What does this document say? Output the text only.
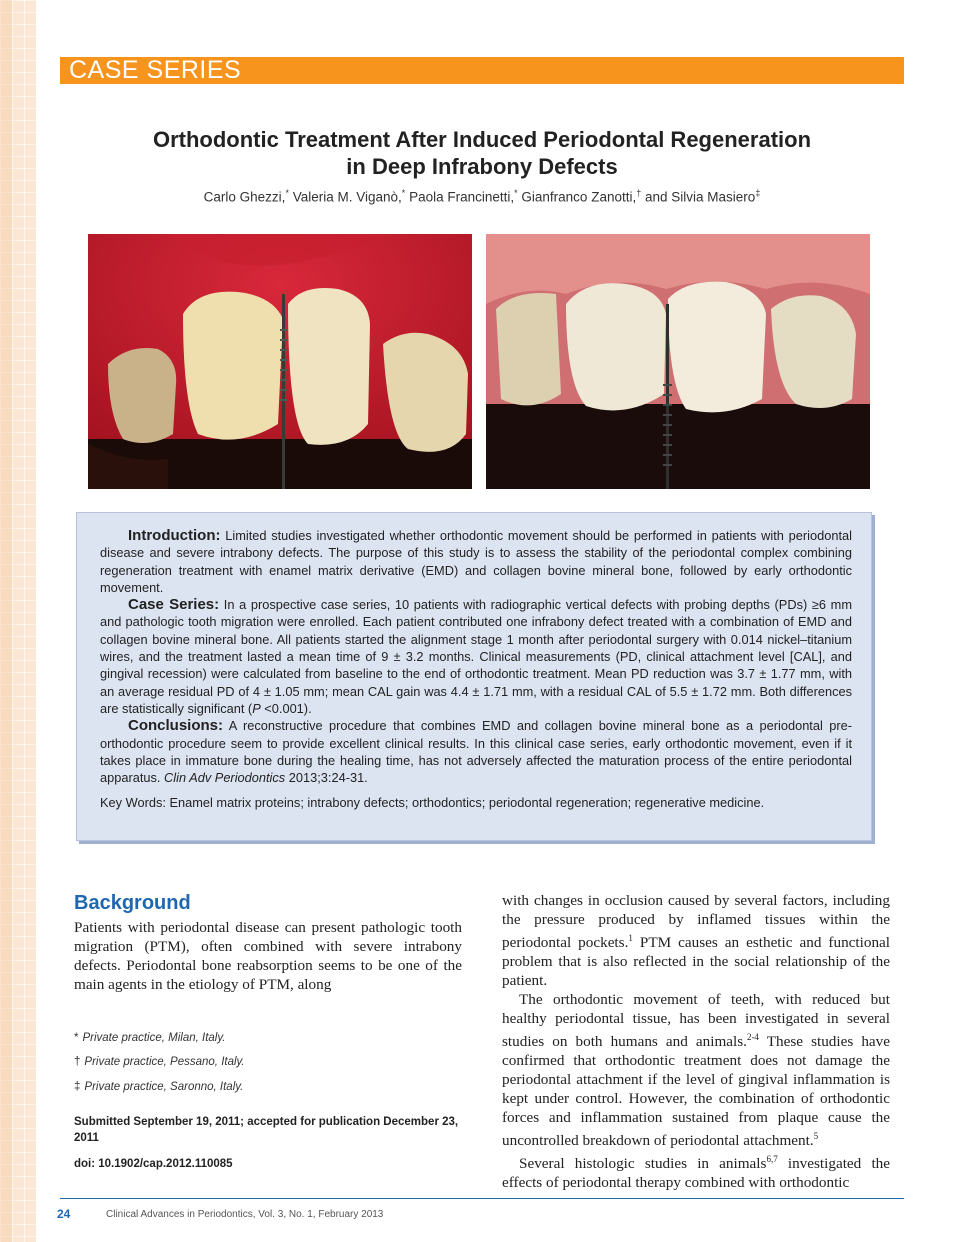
CASE SERIES
Orthodontic Treatment After Induced Periodontal Regeneration
in Deep Infrabony Defects
Carlo Ghezzi,* Valeria M. Viganò,* Paola Francinetti,* Gianfranco Zanotti,† and Silvia Masiero‡

Introduction: Limited studies investigated whether orthodontic movement should be performed in patients with periodontal disease and severe intrabony defects. The purpose of this study is to assess the stability of the periodontal complex combining regeneration treatment with enamel matrix derivative (EMD) and collagen bovine mineral bone, followed by early orthodontic movement.

Case Series: In a prospective case series, 10 patients with radiographic vertical defects with probing depths (PDs) ≥6 mm and pathologic tooth migration were enrolled. Each patient contributed one infrabony defect treated with a combination of EMD and collagen bovine mineral bone. All patients started the alignment stage 1 month after periodontal surgery with 0.014 nickel–titanium wires, and the treatment lasted a mean time of 9 ± 3.2 months. Clinical measurements (PD, clinical attachment level [CAL], and gingival recession) were calculated from baseline to the end of orthodontic treatment. Mean PD reduction was 3.7 ± 1.77 mm, with an average residual PD of 4 ± 1.05 mm; mean CAL gain was 4.4 ± 1.71 mm, with a residual CAL of 5.5 ± 1.72 mm. Both differences are statistically significant (P <0.001).

Conclusions: A reconstructive procedure that combines EMD and collagen bovine mineral bone as a periodontal pre-orthodontic procedure seem to provide excellent clinical results. In this clinical case series, early orthodontic movement, even if it takes place in immature bone during the healing time, has not adversely affected the maturation process of the entire periodontal apparatus. Clin Adv Periodontics 2013;3:24-31.

Key Words: Enamel matrix proteins; intrabony defects; orthodontics; periodontal regeneration; regenerative medicine.

Background
Patients with periodontal disease can present pathologic tooth migration (PTM), often combined with severe intrabony defects. Periodontal bone reabsorption seems to be one of the main agents in the etiology of PTM, along

with changes in occlusion caused by several factors, including the pressure produced by inflamed tissues within the periodontal pockets.$^1$ PTM causes an esthetic and functional problem that is also reflected in the social relationship of the patient.

The orthodontic movement of teeth, with reduced but healthy periodontal tissue, has been investigated in several studies on both humans and animals.$^{2-4}$ These studies have confirmed that orthodontic treatment does not damage the periodontal attachment if the level of gingival inflammation is kept under control. However, the combination of orthodontic forces and inflammation sustained from plaque cause the uncontrolled breakdown of periodontal attachment.$^5$

Several histologic studies in animals$^{6,7}$ investigated the effects of periodontal therapy combined with orthodontic

* Private practice, Milan, Italy.
† Private practice, Pessano, Italy.
‡ Private practice, Saronno, Italy.
Submitted September 19, 2011; accepted for publication December 23, 2011
doi: 10.1902/cap.2012.110085
24	Clinical Advances in Periodontics, Vol. 3, No. 1, February 2013
